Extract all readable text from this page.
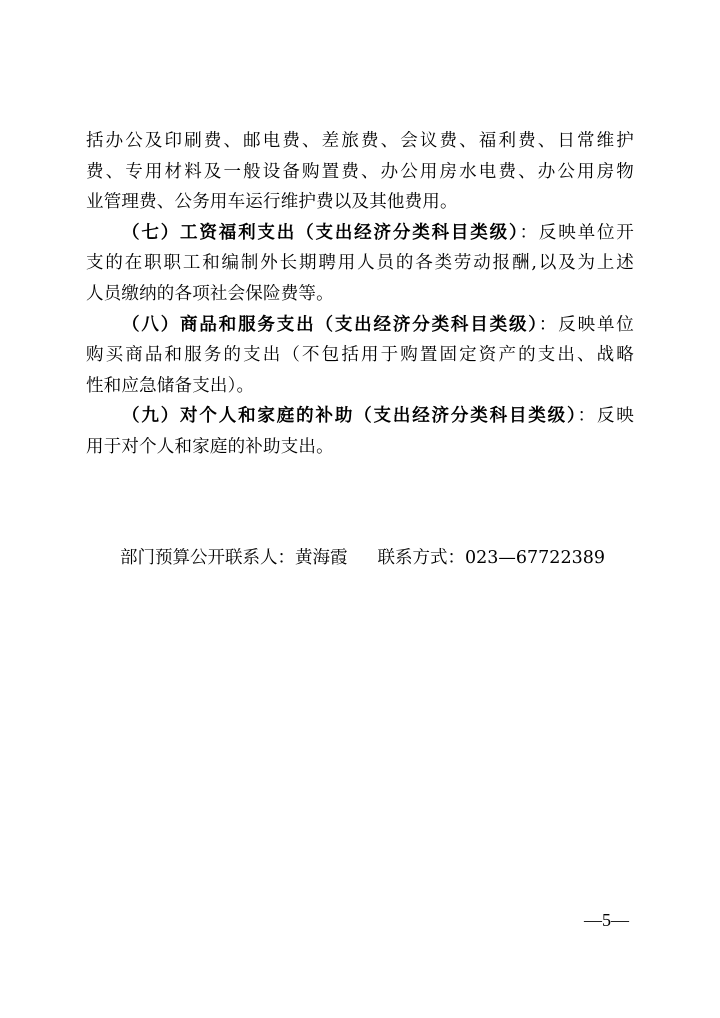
括办公及印刷费、邮电费、差旅费、会议费、福利费、日常维护
费、专用材料及一般设备购置费、办公用房水电费、办公用房物
业管理费、公务用车运行维护费以及其他费用。
（七）工资福利支出（支出经济分类科目类级）：反映单位开
支的在职职工和编制外长期聘用人员的各类劳动报酬,以及为上述
人员缴纳的各项社会保险费等。
（八）商品和服务支出（支出经济分类科目类级）：反映单位
购买商品和服务的支出（不包括用于购置固定资产的支出、战略
性和应急储备支出）。
（九）对个人和家庭的补助（支出经济分类科目类级）：反映
用于对个人和家庭的补助支出。
部门预算公开联系人：黄海霞 联系方式：023—67722389
—5—
